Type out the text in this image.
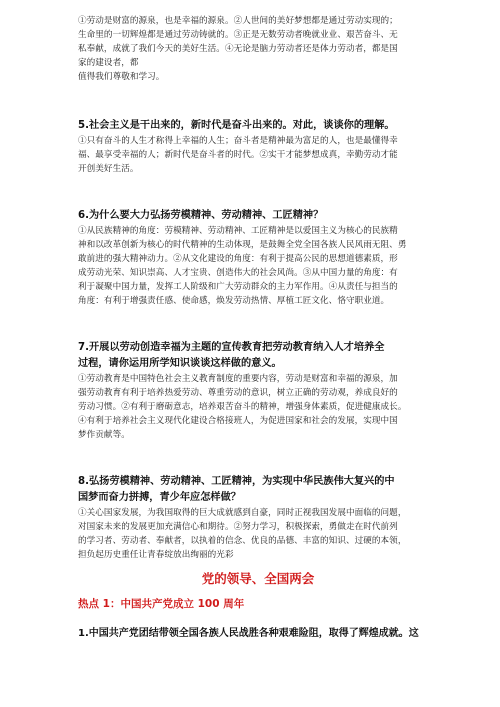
①劳动是财富的源泉，也是幸福的源泉。②人世间的美好梦想都是通过劳动实现的；
生命里的一切辉煌都是通过劳动铸就的。③正是无数劳动者晚就业业、艰苦奋斗、无
私奉献，成就了我们今天的美好生活。④无论是脑力劳动者还是体力劳动者，都是国
家的建设者，都
值得我们尊敬和学习。
5.社会主义是干出来的，新时代是奋斗出来的。对此，谈谈你的理解。
①只有奋斗的人生才称得上幸福的人生；奋斗者是精神最为富足的人，也是最懂得幸
福、最享受幸福的人；新时代是奋斗者的时代。②实干才能梦想成真，幸勤劳动才能
开创美好生活。
6.为什么要大力弘扬劳模精神、劳动精神、工匠精神？
①从民族精神的角度：劳模精神、劳动精神、工匠精神是以爱国主义为核心的民族精
神和以改革创新为核心的时代精神的生动体现，是鼓舞全党全国各族人民风雨无阻、勇
敢前进的强大精神动力。②从文化建设的角度：有利于提高公民的思想道德素质，形
成劳动光荣、知识崇高、人才宝贵、创造伟大的社会风尚。③从中国力量的角度：有
利于凝聚中国力量，发挥工人阶级和广大劳动群众的主力军作用。④从责任与担当的
角度：有利于增强责任感、使命感，焕发劳动热情、厚植工匠文化、恪守职业道。
7.开展以劳动创造幸福为主题的宣传教育把劳动教育纳入人才培养全
过程，请你运用所学知识谈谈这样做的意义。
①劳动教育是中国特色社会主义教育制度的重要内容，劳动是财富和幸福的源泉，加
强劳动教育有利于培养热爱劳动、尊重劳动的意识，树立正确的劳动观，养成良好的
劳动习惯。②有利于磨砺意志，培养艰苦奋斗的精神，增强身体素质，促进健康成长。
④有利于培养社会主义现代化建设合格接班人，为促进国家和社会的发展，实现中国
梦作贡献等。
8.弘扬劳模精神、劳动精神、工匠精神，为实现中华民族伟大复兴的中
国梦而奋力拼搏，青少年应怎样做？
①关心国家发展，为我国取得的巨大成就感到自豪，同时正视我国发展中面临的问题，
对国家未来的发展更加充满信心和期待。②努力学习，积极探索，勇做走在时代前列
的学习者、劳动者、奉献者，以执着的信念、优良的品德、丰富的知识、过硬的本领，
担负起历史重任让青春绽放出绚丽的光彩
党的领导、全国两会
热点 1：中国共产党成立 100 周年
1.中国共产党团结带领全国各族人民战胜各种艰难险阻，取得了辉煌成就。这
